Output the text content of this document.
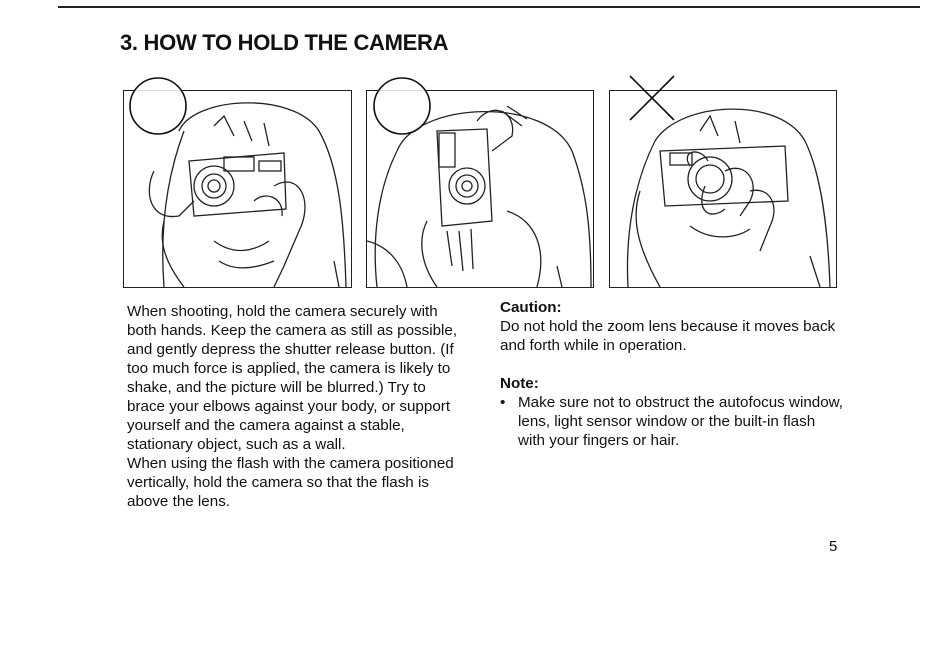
3. HOW TO HOLD THE CAMERA

When shooting, hold the camera securely with both hands. Keep the camera as still as possible, and gently depress the shutter release button. (If too much force is applied, the camera is likely to shake, and the picture will be blurred.) Try to brace your elbows against your body, or support yourself and the camera against a stable, stationary object, such as a wall.

When using the flash with the camera positioned vertically, hold the camera so that the flash is above the lens.

Caution:

Do not hold the zoom lens because it moves back and forth while in operation.

Note:
• Make sure not to obstruct the autofocus window, lens, light sensor window or the built-in flash with your fingers or hair.
5
